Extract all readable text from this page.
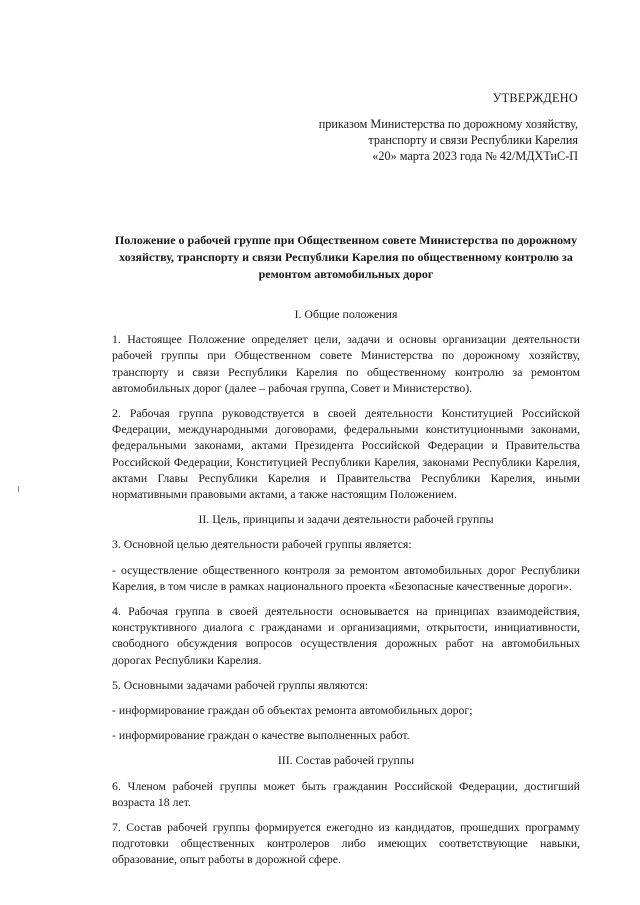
УТВЕРЖДЕНО
приказом Министерства по дорожному хозяйству,
транспорту и связи Республики Карелия
«20» марта 2023 года № 42/МДХТиС-П
Положение о рабочей группе при Общественном совете Министерства по дорожному хозяйству, транспорту и связи Республики Карелия по общественному контролю за ремонтом автомобильных дорог

I. Общие положения

1. Настоящее Положение определяет цели, задачи и основы организации деятельности рабочей группы при Общественном совете Министерства по дорожному хозяйству, транспорту и связи Республики Карелия по общественному контролю за ремонтом автомобильных дорог (далее – рабочая группа, Совет и Министерство).

2. Рабочая группа руководствуется в своей деятельности Конституцией Российской Федерации, международными договорами, федеральными конституционными законами, федеральными законами, актами Президента Российской Федерации и Правительства Российской Федерации, Конституцией Республики Карелия, законами Республики Карелия, актами Главы Республики Карелия и Правительства Республики Карелия, иными нормативными правовыми актами, а также настоящим Положением.

II. Цель, принципы и задачи деятельности рабочей группы

3. Основной целью деятельности рабочей группы является:

- осуществление общественного контроля за ремонтом автомобильных дорог Республики Карелия, в том числе в рамках национального проекта «Безопасные качественные дороги».

4. Рабочая группа в своей деятельности основывается на принципах взаимодействия, конструктивного диалога с гражданами и организациями, открытости, инициативности, свободного обсуждения вопросов осуществления дорожных работ на автомобильных дорогах Республики Карелия.

5. Основными задачами рабочей группы являются:

- информирование граждан об объектах ремонта автомобильных дорог;

- информирование граждан о качестве выполненных работ.

III. Состав рабочей группы

6. Членом рабочей группы может быть гражданин Российской Федерации, достигший возраста 18 лет.

7. Состав рабочей группы формируется ежегодно из кандидатов, прошедших программу подготовки общественных контролеров либо имеющих соответствующие навыки, образование, опыт работы в дорожной сфере.
